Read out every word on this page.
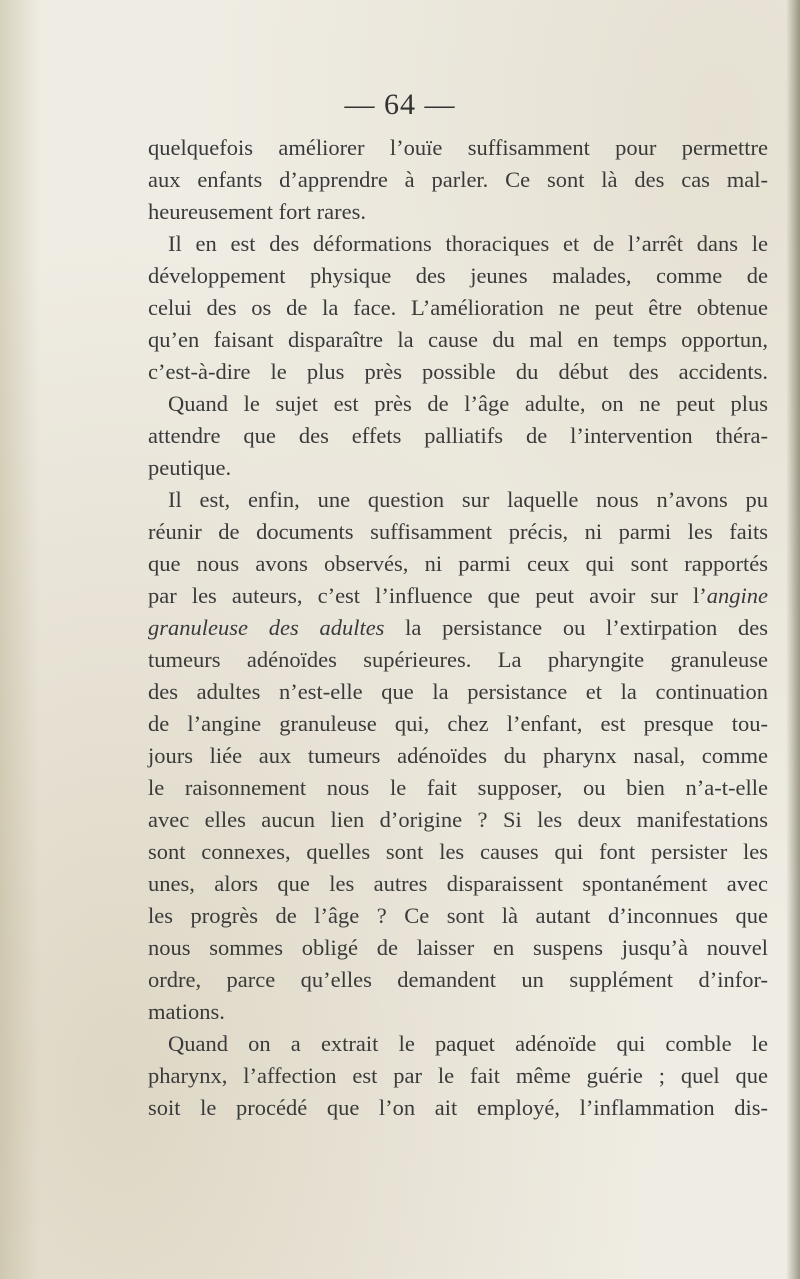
— 64 —
quelquefois améliorer l’ouïe suffisamment pour permettre
aux enfants d’apprendre à parler. Ce sont là des cas mal-
heureusement fort rares.
Il en est des déformations thoraciques et de l’arrêt dans le
développement physique des jeunes malades, comme de
celui des os de la face. L’amélioration ne peut être obtenue
qu’en faisant disparaître la cause du mal en temps opportun,
c’est-à-dire le plus près possible du début des accidents.
Quand le sujet est près de l’âge adulte, on ne peut plus
attendre que des effets palliatifs de l’intervention théra-
peutique.
Il est, enfin, une question sur laquelle nous n’avons pu
réunir de documents suffisamment précis, ni parmi les faits
que nous avons observés, ni parmi ceux qui sont rapportés
par les auteurs, c’est l’influence que peut avoir sur l’angine
granuleuse des adultes la persistance ou l’extirpation des
tumeurs adénoïdes supérieures. La pharyngite granuleuse
des adultes n’est-elle que la persistance et la continuation
de l’angine granuleuse qui, chez l’enfant, est presque tou-
jours liée aux tumeurs adénoïdes du pharynx nasal, comme
le raisonnement nous le fait supposer, ou bien n’a-t-elle
avec elles aucun lien d’origine ? Si les deux manifestations
sont connexes, quelles sont les causes qui font persister les
unes, alors que les autres disparaissent spontanément avec
les progrès de l’âge ? Ce sont là autant d’inconnues que
nous sommes obligé de laisser en suspens jusqu’à nouvel
ordre, parce qu’elles demandent un supplément d’infor-
mations.
Quand on a extrait le paquet adénoïde qui comble le
pharynx, l’affection est par le fait même guérie ; quel que
soit le procédé que l’on ait employé, l’inflammation dis-
